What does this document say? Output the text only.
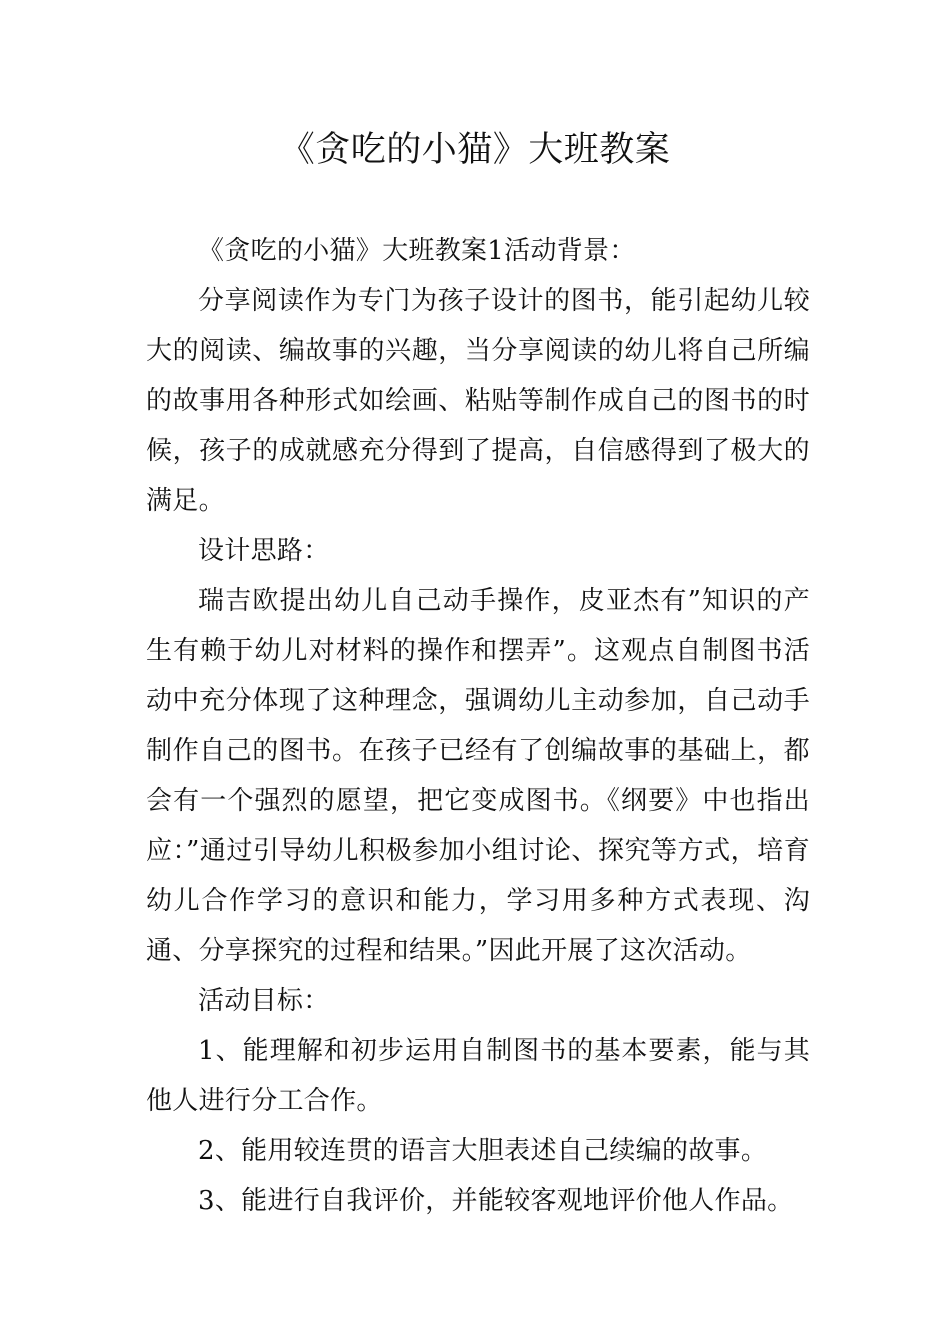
《贪吃的小猫》大班教案

《贪吃的小猫》大班教案1活动背景：

分享阅读作为专门为孩子设计的图书，能引起幼儿较大的阅读、编故事的兴趣，当分享阅读的幼儿将自己所编的故事用各种形式如绘画、粘贴等制作成自己的图书的时候，孩子的成就感充分得到了提高，自信感得到了极大的满足。

设计思路：

瑞吉欧提出幼儿自己动手操作，皮亚杰有”知识的产生有赖于幼儿对材料的操作和摆弄”。这观点自制图书活动中充分体现了这种理念，强调幼儿主动参加，自己动手制作自己的图书。在孩子已经有了创编故事的基础上，都会有一个强烈的愿望，把它变成图书。《纲要》中也指出应：”通过引导幼儿积极参加小组讨论、探究等方式，培育幼儿合作学习的意识和能力，学习用多种方式表现、沟通、分享探究的过程和结果。”因此开展了这次活动。

活动目标：

1、能理解和初步运用自制图书的基本要素，能与其他人进行分工合作。

2、能用较连贯的语言大胆表述自己续编的故事。

3、能进行自我评价，并能较客观地评价他人作品。
